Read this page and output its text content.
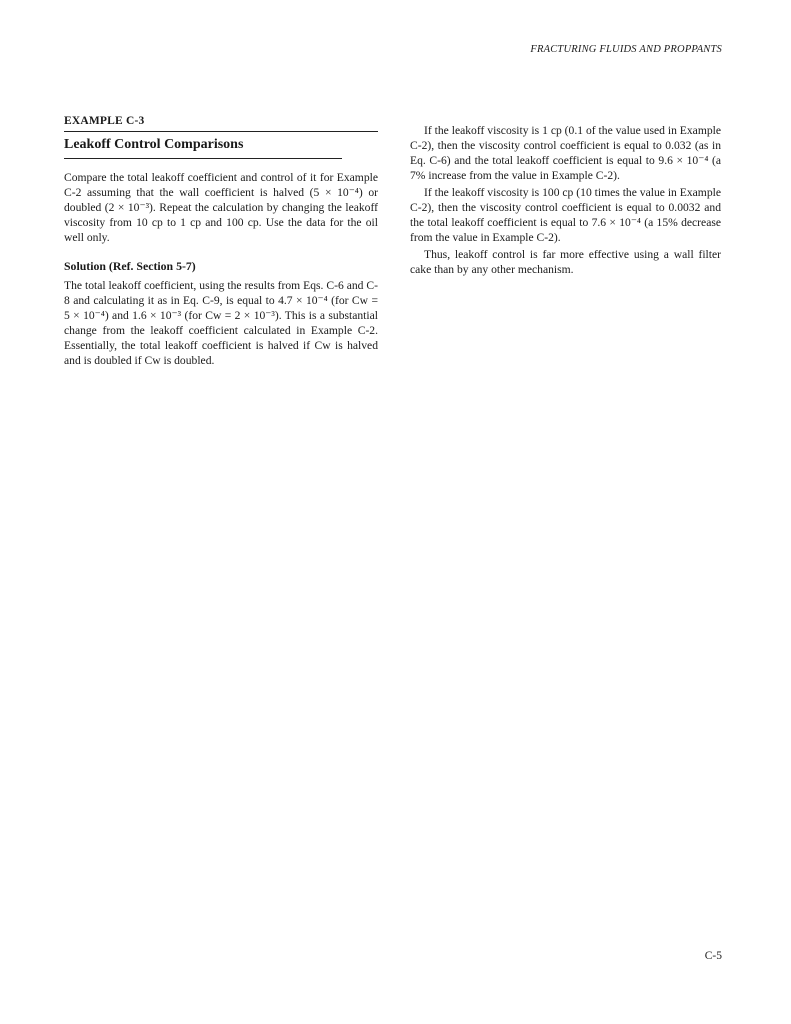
FRACTURING FLUIDS AND PROPPANTS
EXAMPLE C-3
Leakoff Control Comparisons

Compare the total leakoff coefficient and control of it for Example C-2 assuming that the wall coefficient is halved (5 × 10⁻⁴) or doubled (2 × 10⁻³). Repeat the calculation by changing the leakoff viscosity from 10 cp to 1 cp and 100 cp. Use the data for the oil well only.

Solution (Ref. Section 5-7)

The total leakoff coefficient, using the results from Eqs. C-6 and C-8 and calculating it as in Eq. C-9, is equal to 4.7 × 10⁻⁴ (for Cw = 5 × 10⁻⁴) and 1.6 × 10⁻³ (for Cw = 2 × 10⁻³). This is a substantial change from the leakoff coefficient calculated in Example C-2. Essentially, the total leakoff coefficient is halved if Cw is halved and is doubled if Cw is doubled.

If the leakoff viscosity is 1 cp (0.1 of the value used in Example C-2), then the viscosity control coefficient is equal to 0.032 (as in Eq. C-6) and the total leakoff coefficient is equal to 9.6 × 10⁻⁴ (a 7% increase from the value in Example C-2).

If the leakoff viscosity is 100 cp (10 times the value in Example C-2), then the viscosity control coefficient is equal to 0.0032 and the total leakoff coefficient is equal to 7.6 × 10⁻⁴ (a 15% decrease from the value in Example C-2).

Thus, leakoff control is far more effective using a wall filter cake than by any other mechanism.

C-5
